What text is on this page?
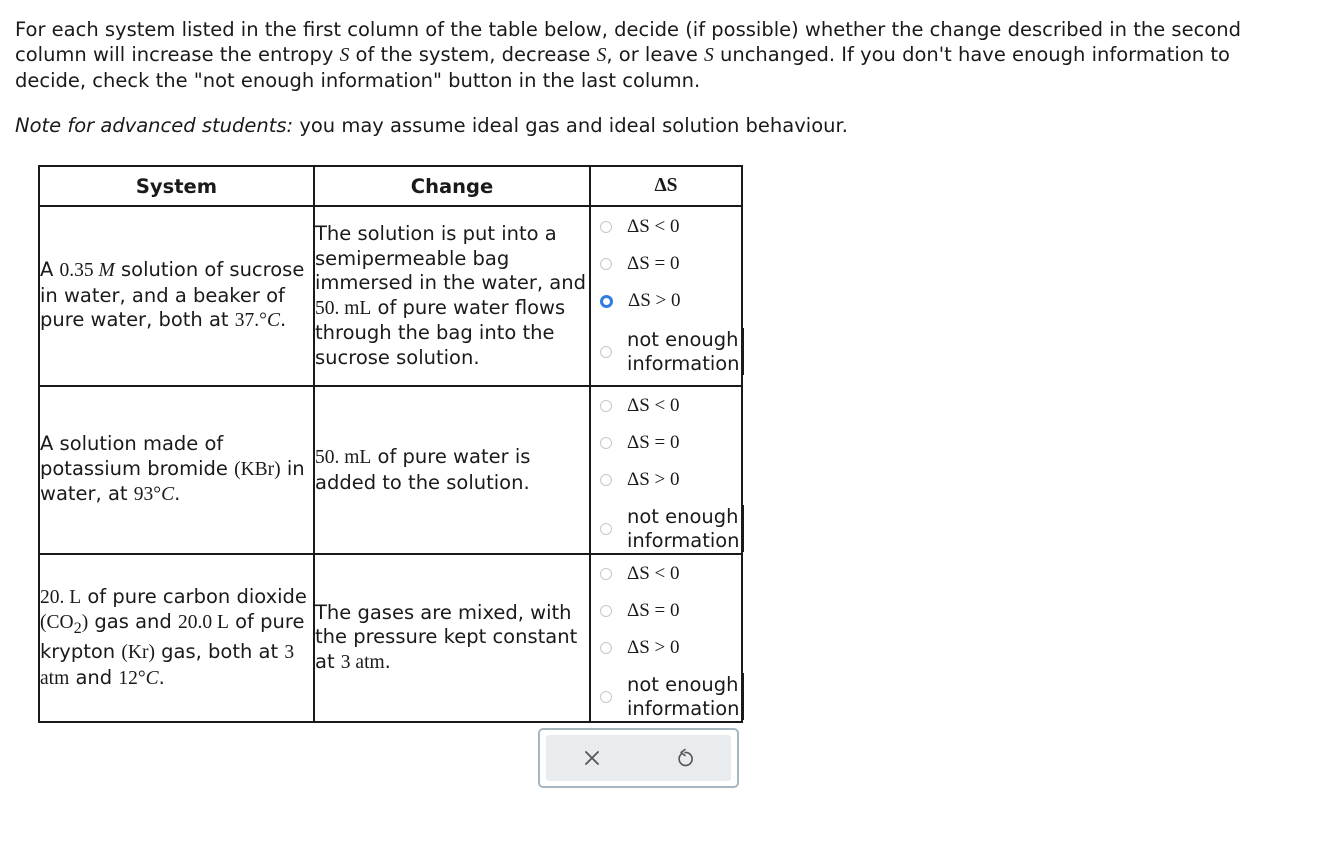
For each system listed in the first column of the table below, decide (if possible) whether the change described in the second column will increase the entropy S of the system, decrease S, or leave S unchanged. If you don't have enough information to decide, check the "not enough information" button in the last column.

Note for advanced students: you may assume ideal gas and ideal solution behaviour.

System	Change	ΔS
A 0.35 M solution of sucrose in water, and a beaker of pure water, both at 37.°C.	The solution is put into a semipermeable bag immersed in the water, and 50. mL of pure water flows through the bag into the sucrose solution.	ΔS < 0
ΔS = 0
ΔS > 0
not enough
information

A solution made of potassium bromide (KBr) in water, at 93°C.	50. mL of pure water is added to the solution.	ΔS < 0
ΔS = 0
ΔS > 0
not enough
information

20. L of pure carbon dioxide $(CO_2)$ gas and 20.0 L of pure krypton (Kr) gas, both at 3 atm and 12°C.	The gases are mixed, with the pressure kept constant at 3 atm.	ΔS < 0
ΔS = 0
ΔS > 0
not enough
information
